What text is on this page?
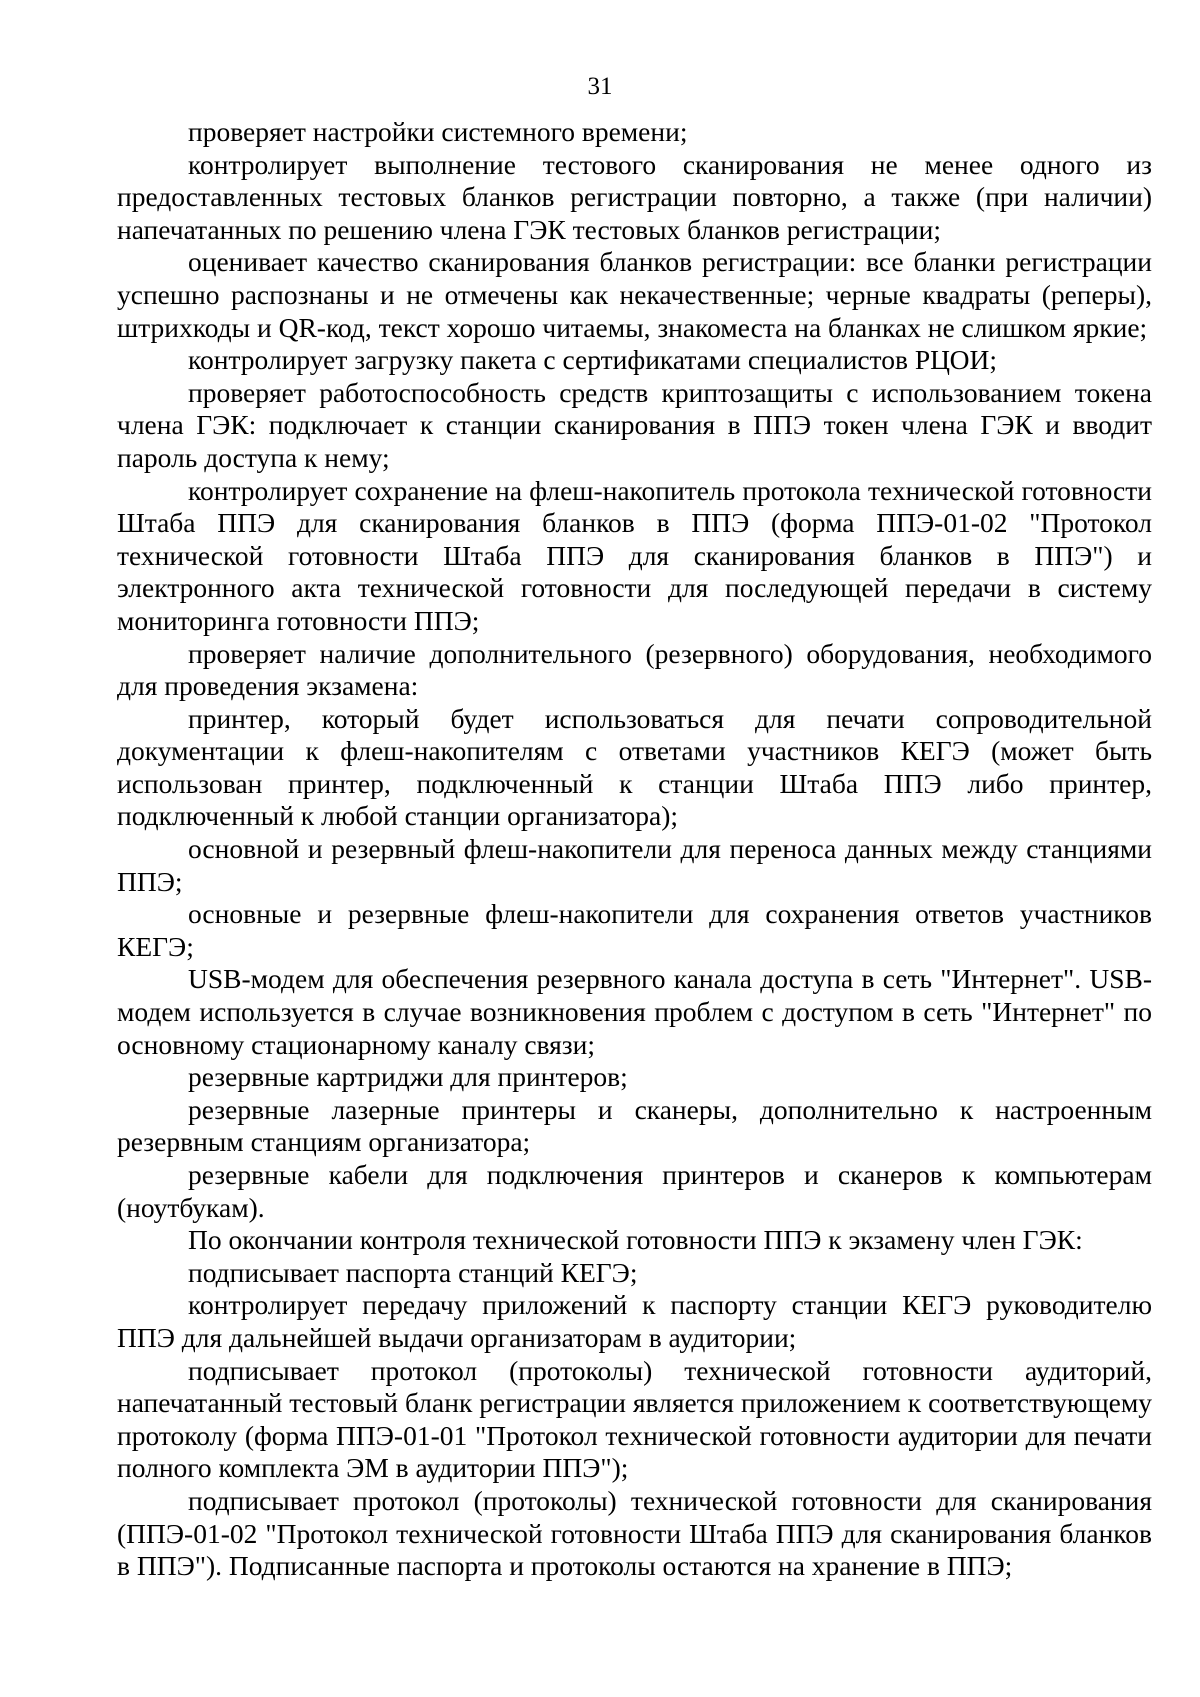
31

проверяет настройки системного времени;

контролирует выполнение тестового сканирования не менее одного из предоставленных тестовых бланков регистрации повторно, а также (при наличии) напечатанных по решению члена ГЭК тестовых бланков регистрации;

оценивает качество сканирования бланков регистрации: все бланки регистрации успешно распознаны и не отмечены как некачественные; черные квадраты (реперы), штрихкоды и QR-код, текст хорошо читаемы, знакоместа на бланках не слишком яркие;

контролирует загрузку пакета с сертификатами специалистов РЦОИ;

проверяет работоспособность средств криптозащиты с использованием токена члена ГЭК: подключает к станции сканирования в ППЭ токен члена ГЭК и вводит пароль доступа к нему;

контролирует сохранение на флеш-накопитель протокола технической готовности Штаба ППЭ для сканирования бланков в ППЭ (форма ППЭ-01-02 "Протокол технической готовности Штаба ППЭ для сканирования бланков в ППЭ") и электронного акта технической готовности для последующей передачи в систему мониторинга готовности ППЭ;

проверяет наличие дополнительного (резервного) оборудования, необходимого для проведения экзамена:

принтер, который будет использоваться для печати сопроводительной документации к флеш-накопителям с ответами участников КЕГЭ (может быть использован принтер, подключенный к станции Штаба ППЭ либо принтер, подключенный к любой станции организатора);

основной и резервный флеш-накопители для переноса данных между станциями ППЭ;

основные и резервные флеш-накопители для сохранения ответов участников КЕГЭ;

USB-модем для обеспечения резервного канала доступа в сеть "Интернет". USB-модем используется в случае возникновения проблем с доступом в сеть "Интернет" по основному стационарному каналу связи;

резервные картриджи для принтеров;

резервные лазерные принтеры и сканеры, дополнительно к настроенным резервным станциям организатора;

резервные кабели для подключения принтеров и сканеров к компьютерам (ноутбукам).

По окончании контроля технической готовности ППЭ к экзамену член ГЭК:

подписывает паспорта станций КЕГЭ;

контролирует передачу приложений к паспорту станции КЕГЭ руководителю ППЭ для дальнейшей выдачи организаторам в аудитории;

подписывает протокол (протоколы) технической готовности аудиторий, напечатанный тестовый бланк регистрации является приложением к соответствующему протоколу (форма ППЭ-01-01 "Протокол технической готовности аудитории для печати полного комплекта ЭМ в аудитории ППЭ");

подписывает протокол (протоколы) технической готовности для сканирования (ППЭ-01-02 "Протокол технической готовности Штаба ППЭ для сканирования бланков в ППЭ"). Подписанные паспорта и протоколы остаются на хранение в ППЭ;
